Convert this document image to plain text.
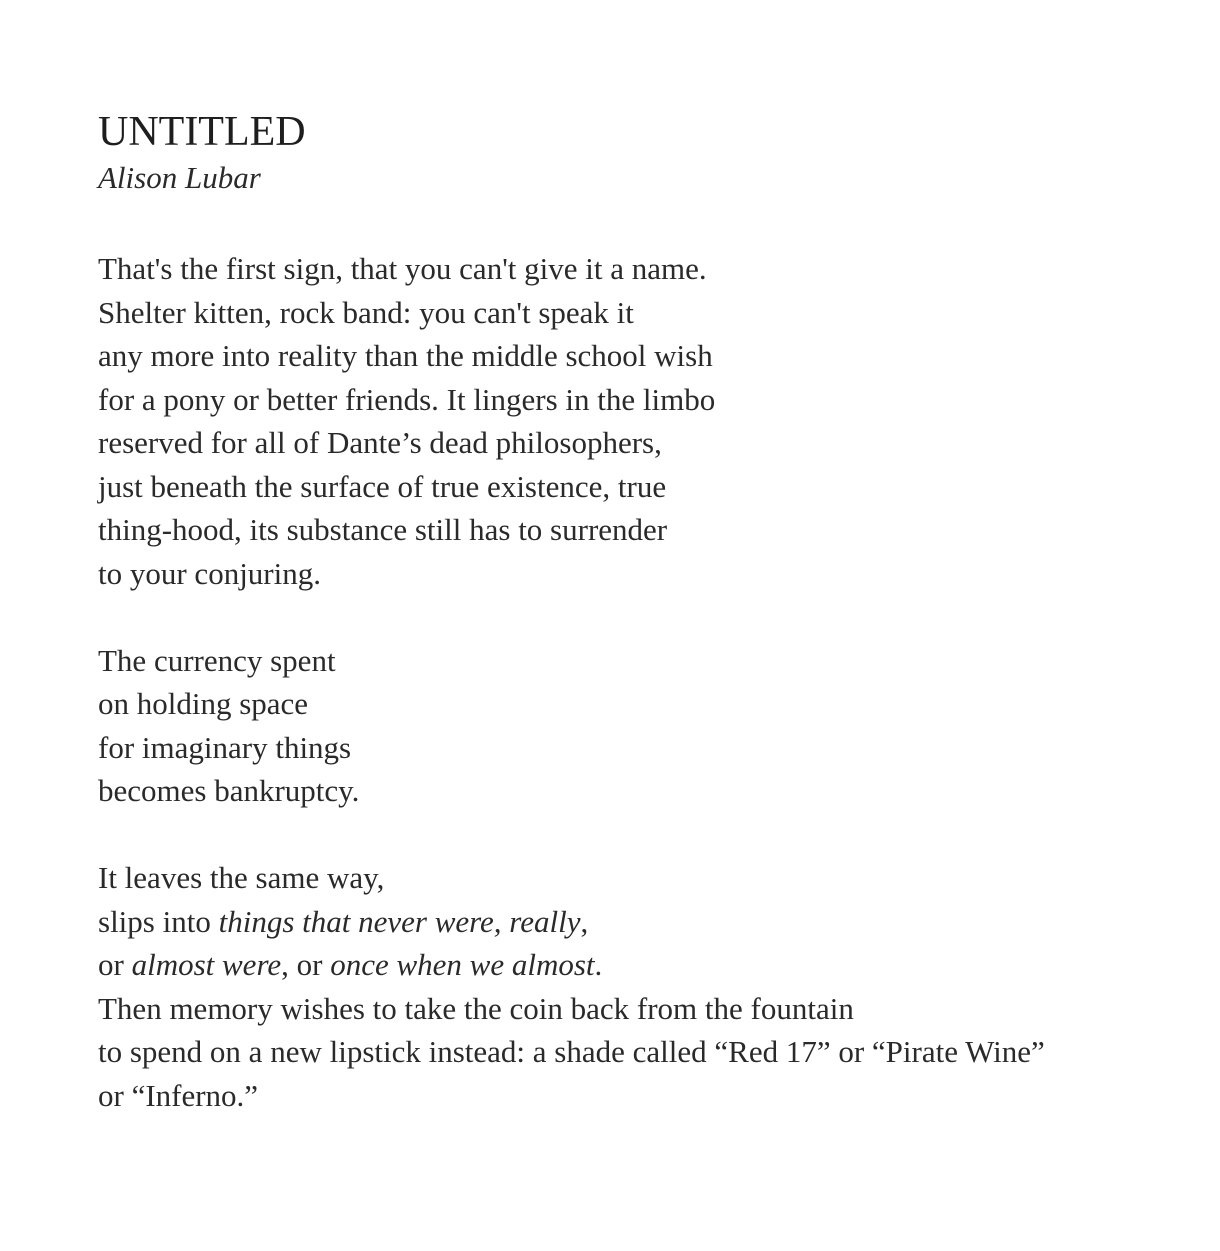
UNTITLED
Alison Lubar

That's the first sign, that you can't give it a name.
Shelter kitten, rock band: you can't speak it
any more into reality than the middle school wish
for a pony or better friends. It lingers in the limbo
reserved for all of Dante’s dead philosophers,
just beneath the surface of true existence, true
thing-hood, its substance still has to surrender
to your conjuring.

The currency spent
on holding space
for imaginary things
becomes bankruptcy.

It leaves the same way,
slips into things that never were, really,
or almost were, or once when we almost.
Then memory wishes to take the coin back from the fountain
to spend on a new lipstick instead: a shade called “Red 17” or “Pirate Wine”
or “Inferno.”
